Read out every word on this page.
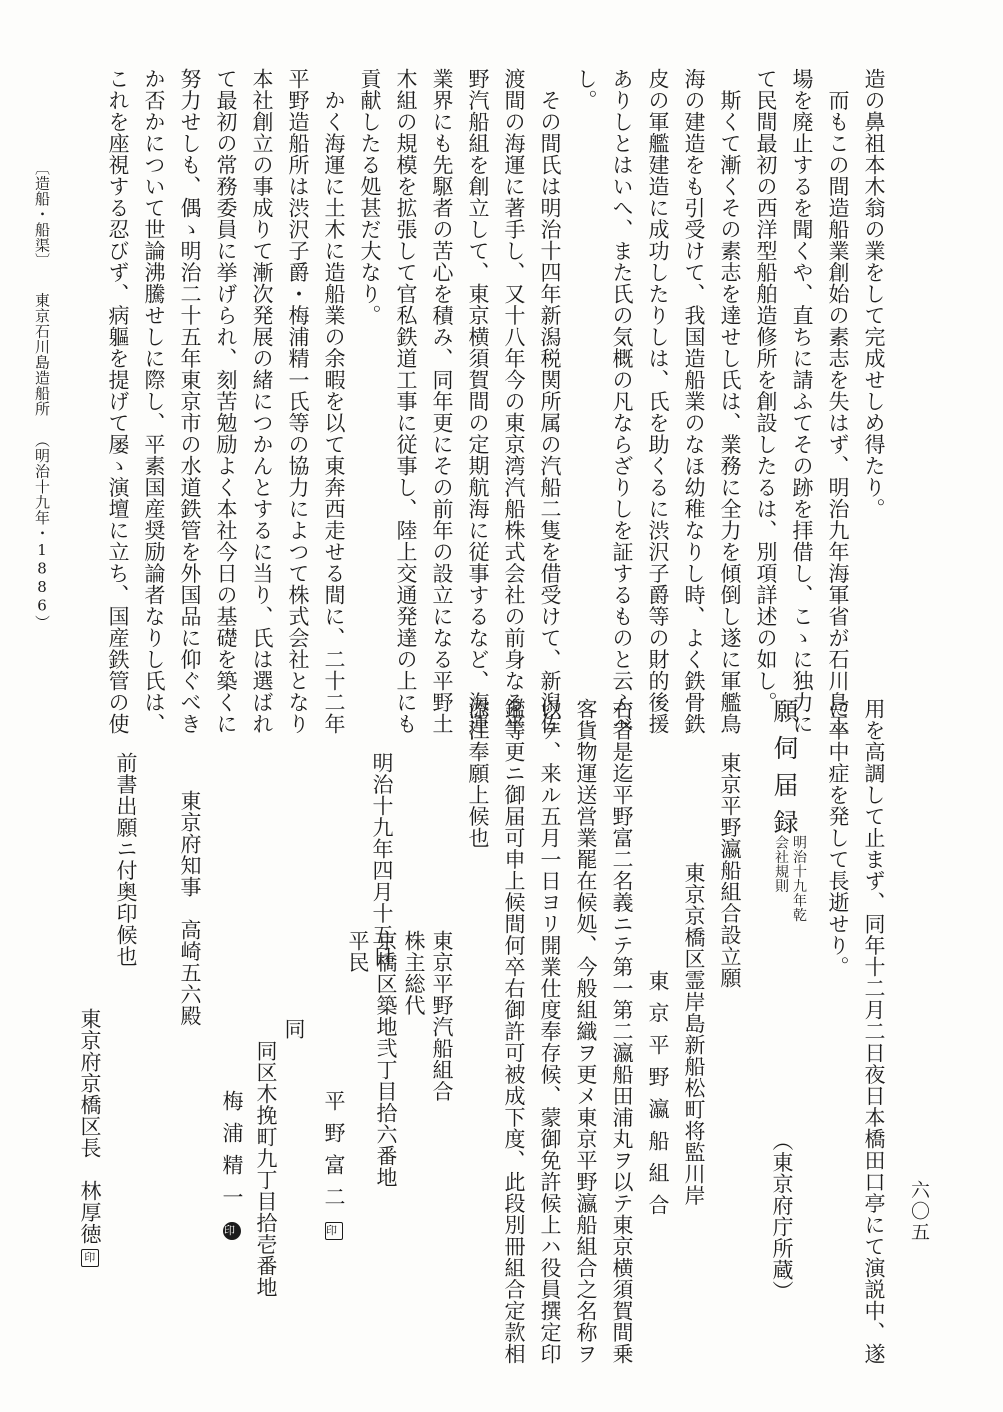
造の鼻祖本木翁の業をして完成せしめ得たり。
　而もこの間造船業創始の素志を失はず、明治九年海軍省が石川島工
場を廃止するを聞くや、直ちに請ふてその跡を拝借し、こゝに独力に
て民間最初の西洋型船舶造修所を創設したるは、別項詳述の如し。
　斯くて漸くその素志を達せし氏は、業務に全力を傾倒し遂に軍艦鳥
海の建造をも引受けて、我国造船業のなほ幼稚なりし時、よく鉄骨鉄
皮の軍艦建造に成功したりしは、氏を助くるに渋沢子爵等の財的後援
ありしとはいへ、また氏の気概の凡ならざりしを証するものと云ふべ
し。
　その間氏は明治十四年新潟税関所属の汽船二隻を借受けて、新潟佐
渡間の海運に著手し、又十八年今の東京湾汽船株式会社の前身なる平
野汽船組を創立して、東京横須賀間の定期航海に従事するなど、海運
業界にも先駆者の苦心を積み、同年更にその前年の設立になる平野土
木組の規模を拡張して官私鉄道工事に従事し、陸上交通発達の上にも
貢献したる処甚だ大なり。
　かく海運に土木に造船業の余暇を以て東奔西走せる間に、二十二年
平野造船所は渋沢子爵・梅浦精一氏等の協力によつて株式会社となり
本社創立の事成りて漸次発展の緒につかんとするに当り、氏は選ばれ
て最初の常務委員に挙げられ、刻苦勉励よく本社今日の基礎を築くに
努力せしも、偶ゝ明治二十五年東京市の水道鉄管を外国品に仰ぐべき
か否かについて世論沸騰せしに際し、平素国産奨励論者なりし氏は、
これを座視する忍びず、病軀を提げて屡ゝ演壇に立ち、国産鉄管の使
〔造船・船渠〕東京石川島造船所（明治十九年・1886）
用を高調して止まず、同年十二月二日夜日本橋田口亭にて演説中、遂
に卒中症を発して長逝せり。
願伺届録
会社規則 明治十九年乾
（東京府庁所蔵）
東京平野瀛船組合設立願
東京京橋区霊岸島新船松町将監川岸
東京平野瀛船組合
右者是迄平野富二名義ニテ第一第二瀛船田浦丸ヲ以テ東京横須賀間乗
客貨物運送営業罷在候処、今般組織ヲ更メ東京平野瀛船組合之名称ヲ
以テ、来ル五月一日ヨリ開業仕度奉存候、蒙御免許候上ハ役員撰定印
鑑等更ニ御届可申上候間何卒右御許可被成下度、此段別冊組合定款相
添江奉願上候也
東京平野汽船組合
株主総代
京橋区築地弐丁目拾六番地
平民
平野富二印
同
同区木挽町九丁目拾壱番地
梅浦精一印
明治十九年四月十五日
東京府知事　高崎五六殿
前書出願ニ付奥印候也
東京府京橋区長　林厚徳印
六〇五
